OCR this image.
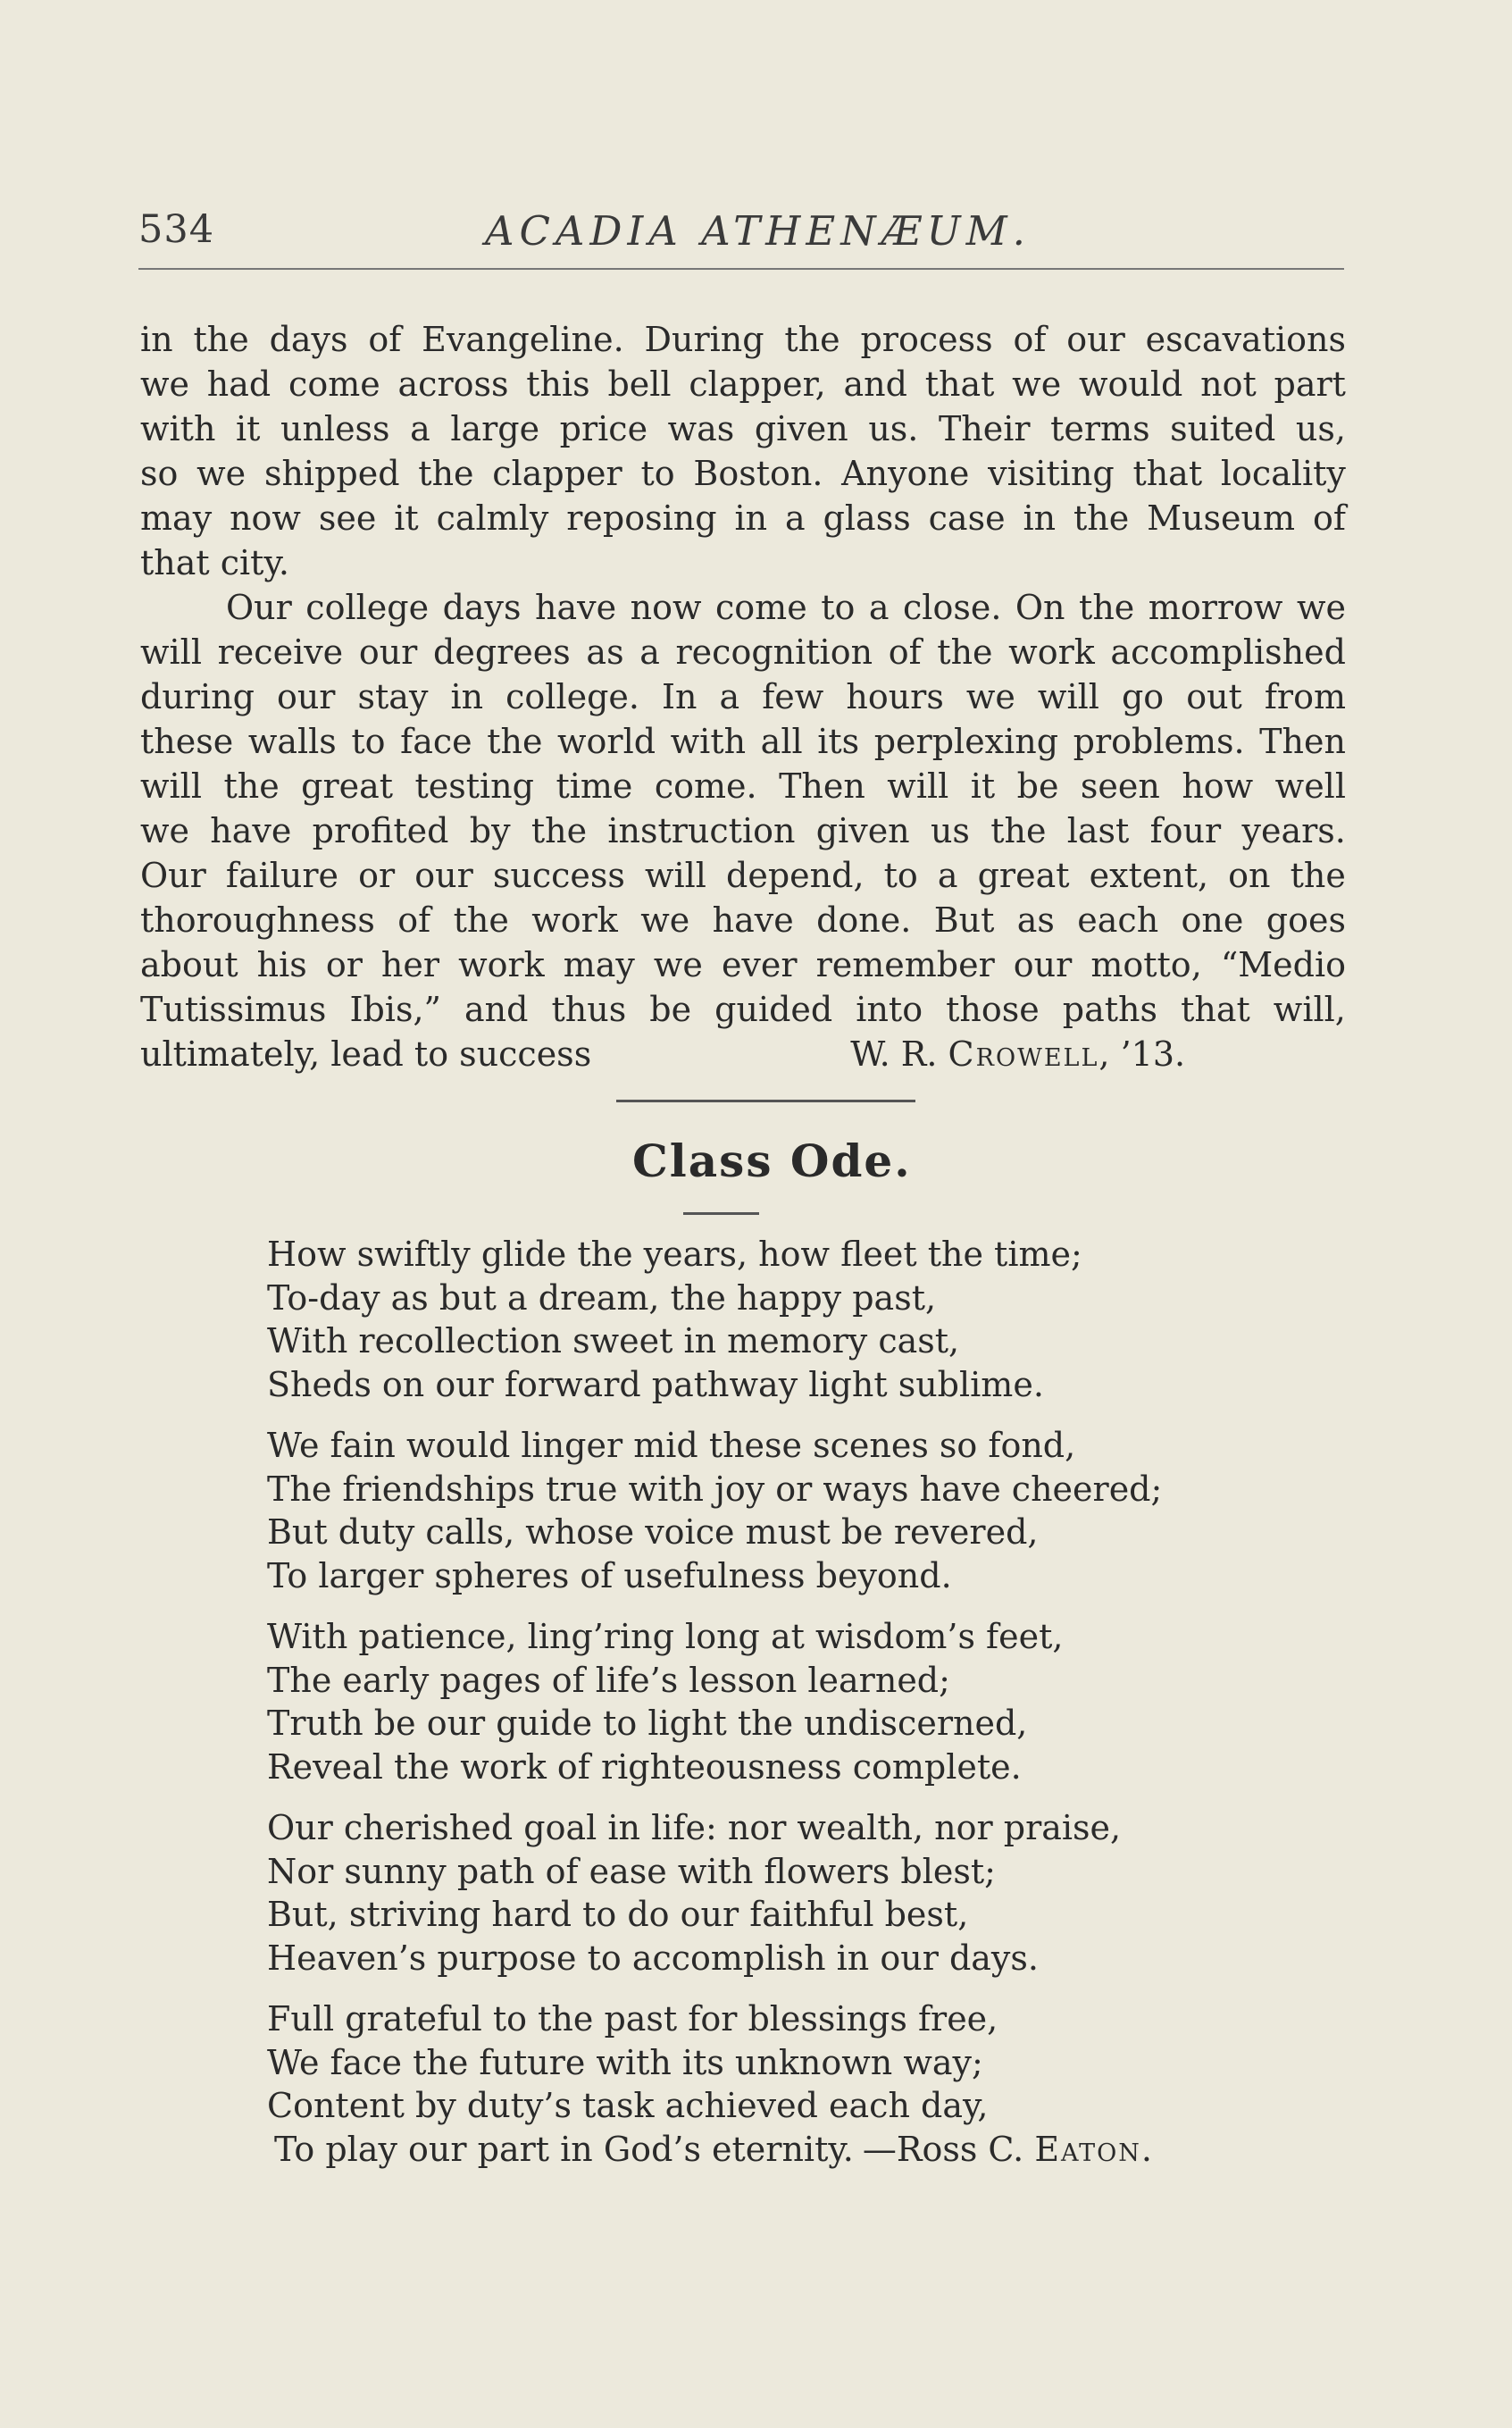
534	ACADIA ATHENÆUM.
in the days of Evangeline. During the process of our escavations
we had come across this bell clapper, and that we would not part
with it unless a large price was given us. Their terms suited us,
so we shipped the clapper to Boston. Anyone visiting that locality
may now see it calmly reposing in a glass case in the Museum of
that city.
Our college days have now come to a close. On the morrow we
will receive our degrees as a recognition of the work accomplished
during our stay in college. In a few hours we will go out from
these walls to face the world with all its perplexing problems. Then
will the great testing time come. Then will it be seen how well
we have profited by the instruction given us the last four years.
Our failure or our success will depend, to a great extent, on the
thoroughness of the work we have done. But as each one goes
about his or her work may we ever remember our motto, “Medio
Tutissimus Ibis,” and thus be guided into those paths that will,
ultimately, lead to success	W. R. Crowell, ’13.
Class Ode.
How swiftly glide the years, how fleet the time;
To-day as but a dream, the happy past,
With recollection sweet in memory cast,
Sheds on our forward pathway light sublime.
We fain would linger mid these scenes so fond,
The friendships true with joy or ways have cheered;
But duty calls, whose voice must be revered,
To larger spheres of usefulness beyond.
With patience, ling’ring long at wisdom’s feet,
The early pages of life’s lesson learned;
Truth be our guide to light the undiscerned,
Reveal the work of righteousness complete.
Our cherished goal in life: nor wealth, nor praise,
Nor sunny path of ease with flowers blest;
But, striving hard to do our faithful best,
Heaven’s purpose to accomplish in our days.
Full grateful to the past for blessings free,
We face the future with its unknown way;
Content by duty’s task achieved each day,
To play our part in God’s eternity. —Ross C. Eaton.
